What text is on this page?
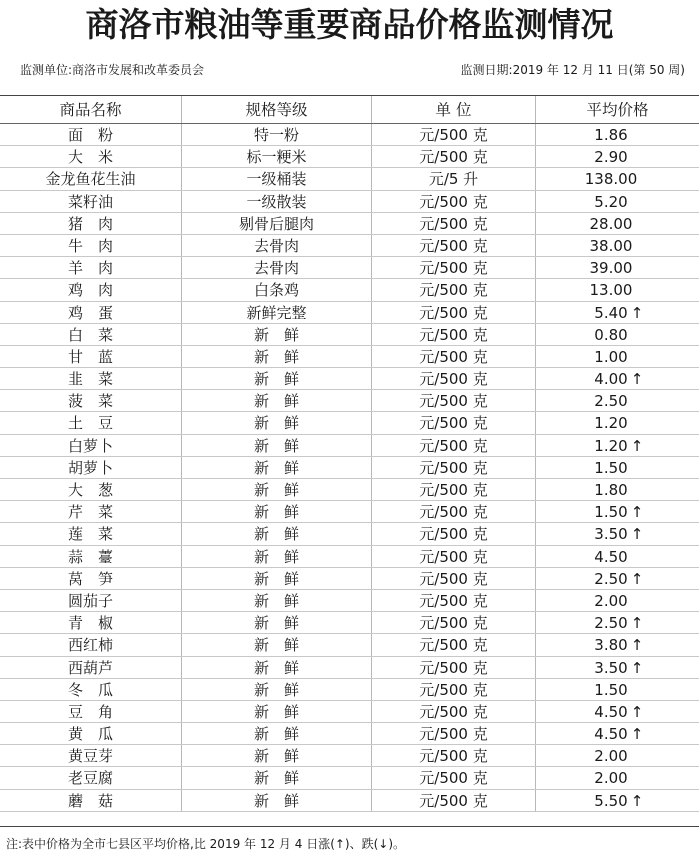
商洛市粮油等重要商品价格监测情况
监测单位:商洛市发展和改革委员会	监测日期:2019 年 12 月 11 日(第 50 周)
商品名称	规格等级	单 位	平均价格
面　粉	特一粉	元/500 克	1.86
大　米	标一粳米	元/500 克	2.90
金龙鱼花生油	一级桶装	元/5 升	138.00
菜籽油	一级散装	元/500 克	5.20
猪　肉	剔骨后腿肉	元/500 克	28.00
牛　肉	去骨肉	元/500 克	38.00
羊　肉	去骨肉	元/500 克	39.00
鸡　肉	白条鸡	元/500 克	13.00
鸡　蛋	新鲜完整	元/500 克	5.40 ↑
白　菜	新　鲜	元/500 克	0.80
甘　蓝	新　鲜	元/500 克	1.00
韭　菜	新　鲜	元/500 克	4.00 ↑
菠　菜	新　鲜	元/500 克	2.50
土　豆	新　鲜	元/500 克	1.20
白萝卜	新　鲜	元/500 克	1.20 ↑
胡萝卜	新　鲜	元/500 克	1.50
大　葱	新　鲜	元/500 克	1.80
芹　菜	新　鲜	元/500 克	1.50 ↑
莲　菜	新　鲜	元/500 克	3.50 ↑
蒜　薹	新　鲜	元/500 克	4.50
莴　笋	新　鲜	元/500 克	2.50 ↑
圆茄子	新　鲜	元/500 克	2.00
青　椒	新　鲜	元/500 克	2.50 ↑
西红柿	新　鲜	元/500 克	3.80 ↑
西葫芦	新　鲜	元/500 克	3.50 ↑
冬　瓜	新　鲜	元/500 克	1.50
豆　角	新　鲜	元/500 克	4.50 ↑
黄　瓜	新　鲜	元/500 克	4.50 ↑
黄豆芽	新　鲜	元/500 克	2.00
老豆腐	新　鲜	元/500 克	2.00
蘑　菇	新　鲜	元/500 克	5.50 ↑
注:表中价格为全市七县区平均价格,比 2019 年 12 月 4 日涨(↑)、跌(↓)。
